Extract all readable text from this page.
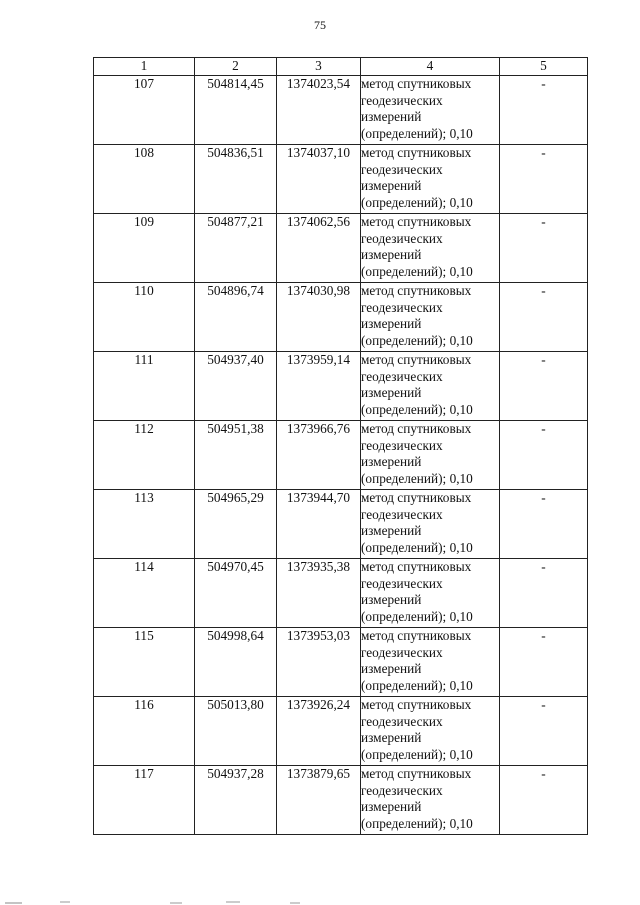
75
1	2	3	4	5
107	504814,45	1374023,54	метод спутниковых
геодезических
измерений
(определений); 0,10	-
108	504836,51	1374037,10	метод спутниковых
геодезических
измерений
(определений); 0,10	-
109	504877,21	1374062,56	метод спутниковых
геодезических
измерений
(определений); 0,10	-
110	504896,74	1374030,98	метод спутниковых
геодезических
измерений
(определений); 0,10	-
111	504937,40	1373959,14	метод спутниковых
геодезических
измерений
(определений); 0,10	-
112	504951,38	1373966,76	метод спутниковых
геодезических
измерений
(определений); 0,10	-
113	504965,29	1373944,70	метод спутниковых
геодезических
измерений
(определений); 0,10	-
114	504970,45	1373935,38	метод спутниковых
геодезических
измерений
(определений); 0,10	-
115	504998,64	1373953,03	метод спутниковых
геодезических
измерений
(определений); 0,10	-
116	505013,80	1373926,24	метод спутниковых
геодезических
измерений
(определений); 0,10	-
117	504937,28	1373879,65	метод спутниковых
геодезических
измерений
(определений); 0,10	-
